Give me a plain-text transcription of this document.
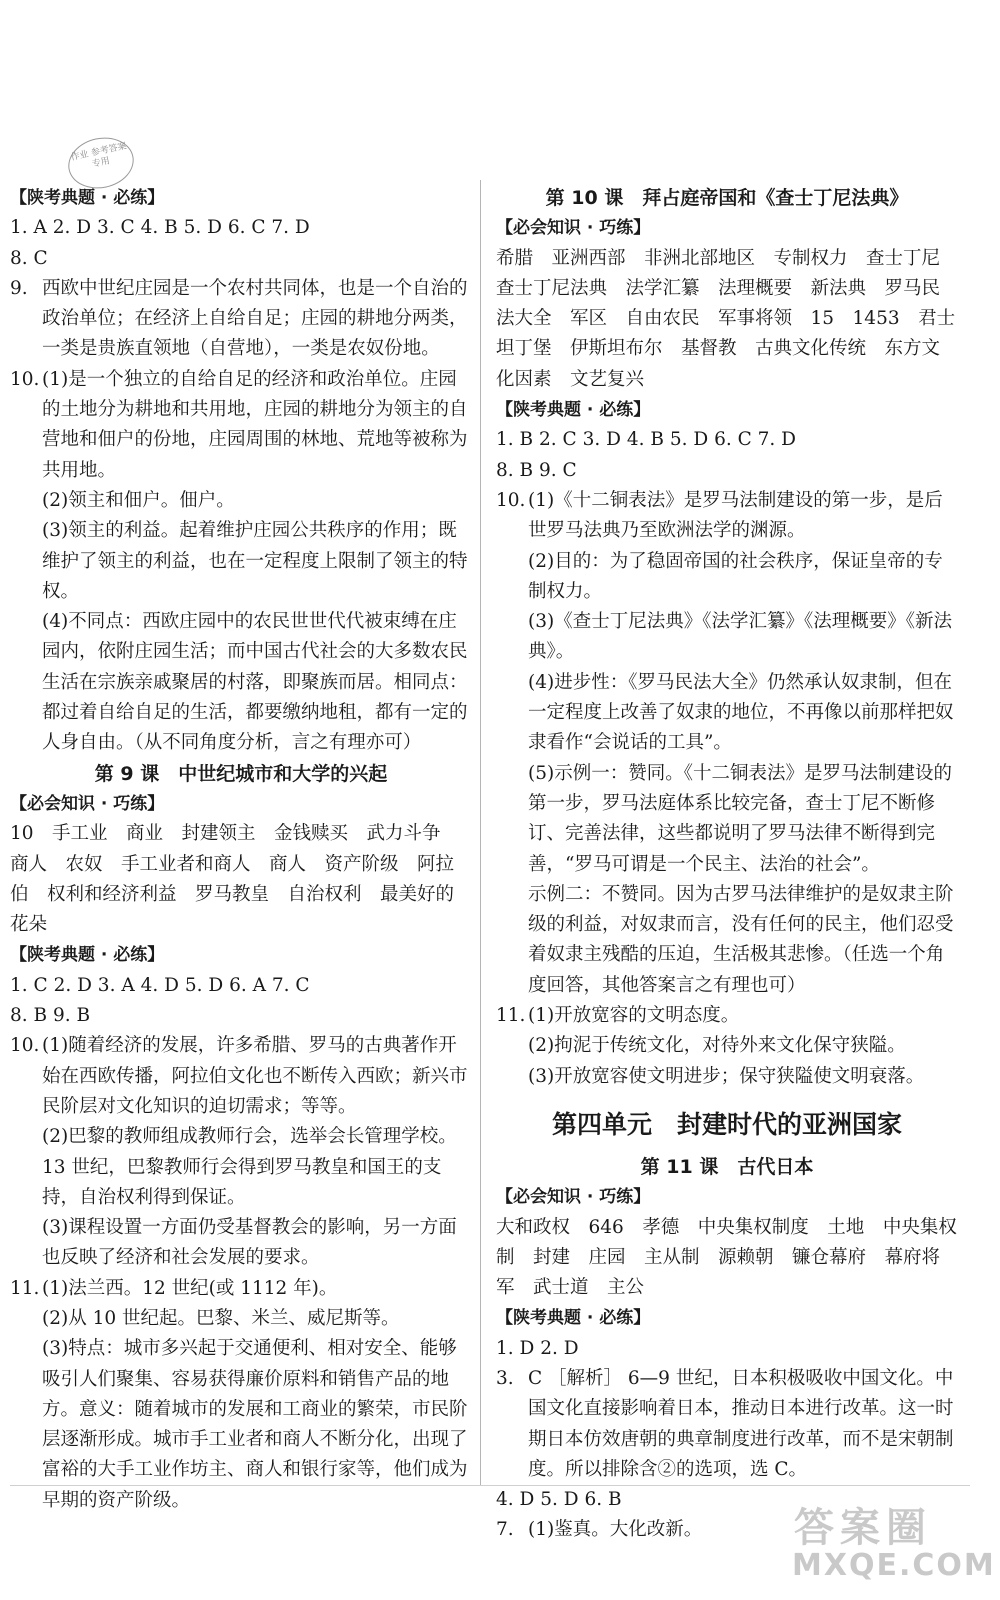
作业 参考答案专用
【陕考典题 · 必练】
1. A 2. D 3. C 4. B 5. D 6. C 7. D
8. C
9. 西欧中世纪庄园是一个农村共同体，也是一个自治的政治单位；在经济上自给自足；庄园的耕地分两类，一类是贵族直领地（自营地），一类是农奴份地。
10. (1)是一个独立的自给自足的经济和政治单位。庄园的土地分为耕地和共用地，庄园的耕地分为领主的自营地和佃户的份地，庄园周围的林地、荒地等被称为共用地。
(2)领主和佃户。佃户。
(3)领主的利益。起着维护庄园公共秩序的作用；既维护了领主的利益，也在一定程度上限制了领主的特权。
(4)不同点：西欧庄园中的农民世世代代被束缚在庄园内，依附庄园生活；而中国古代社会的大多数农民生活在宗族亲戚聚居的村落，即聚族而居。相同点：都过着自给自足的生活，都要缴纳地租，都有一定的人身自由。（从不同角度分析，言之有理亦可）
第 9 课　中世纪城市和大学的兴起
【必会知识 · 巧练】
10　手工业　商业　封建领主　金钱赎买　武力斗争　商人　农奴　手工业者和商人　商人　资产阶级　阿拉伯　权利和经济利益　罗马教皇　自治权利　最美好的花朵
【陕考典题 · 必练】
1. C 2. D 3. A 4. D 5. D 6. A 7. C
8. B 9. B
10. (1)随着经济的发展，许多希腊、罗马的古典著作开始在西欧传播，阿拉伯文化也不断传入西欧；新兴市民阶层对文化知识的迫切需求；等等。
(2)巴黎的教师组成教师行会，选举会长管理学校。13 世纪，巴黎教师行会得到罗马教皇和国王的支持，自治权利得到保证。
(3)课程设置一方面仍受基督教会的影响，另一方面也反映了经济和社会发展的要求。
11. (1)法兰西。12 世纪(或 1112 年)。
(2)从 10 世纪起。巴黎、米兰、威尼斯等。
(3)特点：城市多兴起于交通便利、相对安全、能够吸引人们聚集、容易获得廉价原料和销售产品的地方。意义：随着城市的发展和工商业的繁荣，市民阶层逐渐形成。城市手工业者和商人不断分化，出现了富裕的大手工业作坊主、商人和银行家等，他们成为早期的资产阶级。
第 10 课　拜占庭帝国和《查士丁尼法典》
【必会知识 · 巧练】
希腊　亚洲西部　非洲北部地区　专制权力　查士丁尼　查士丁尼法典　法学汇纂　法理概要　新法典　罗马民法大全　军区　自由农民　军事将领　15　1453　君士坦丁堡　伊斯坦布尔　基督教　古典文化传统　东方文化因素　文艺复兴
【陕考典题 · 必练】
1. B 2. C 3. D 4. B 5. D 6. C 7. D
8. B 9. C
10. (1)《十二铜表法》是罗马法制建设的第一步，是后世罗马法典乃至欧洲法学的渊源。
(2)目的：为了稳固帝国的社会秩序，保证皇帝的专制权力。
(3)《查士丁尼法典》《法学汇纂》《法理概要》《新法典》。
(4)进步性：《罗马民法大全》仍然承认奴隶制，但在一定程度上改善了奴隶的地位，不再像以前那样把奴隶看作“会说话的工具”。
(5)示例一：赞同。《十二铜表法》是罗马法制建设的第一步，罗马法庭体系比较完备，查士丁尼不断修订、完善法律，这些都说明了罗马法律不断得到完善，“罗马可谓是一个民主、法治的社会”。
示例二：不赞同。因为古罗马法律维护的是奴隶主阶级的利益，对奴隶而言，没有任何的民主，他们忍受着奴隶主残酷的压迫，生活极其悲惨。（任选一个角度回答，其他答案言之有理也可）
11. (1)开放宽容的文明态度。
(2)拘泥于传统文化，对待外来文化保守狭隘。
(3)开放宽容使文明进步；保守狭隘使文明衰落。
第四单元　封建时代的亚洲国家
第 11 课　古代日本
【必会知识 · 巧练】
大和政权　646　孝德　中央集权制度　土地　中央集权制　封建　庄园　主从制　源赖朝　镰仓幕府　幕府将军　武士道　主公
【陕考典题 · 必练】
1. D 2. D
3. C ［解析］ 6—9 世纪，日本积极吸收中国文化。中国文化直接影响着日本，推动日本进行改革。这一时期日本仿效唐朝的典章制度进行改革，而不是宋朝制度。所以排除含②的选项，选 C。
4. D 5. D 6. B
7. (1)鉴真。大化改新。	答案圈
MXQE.COM
